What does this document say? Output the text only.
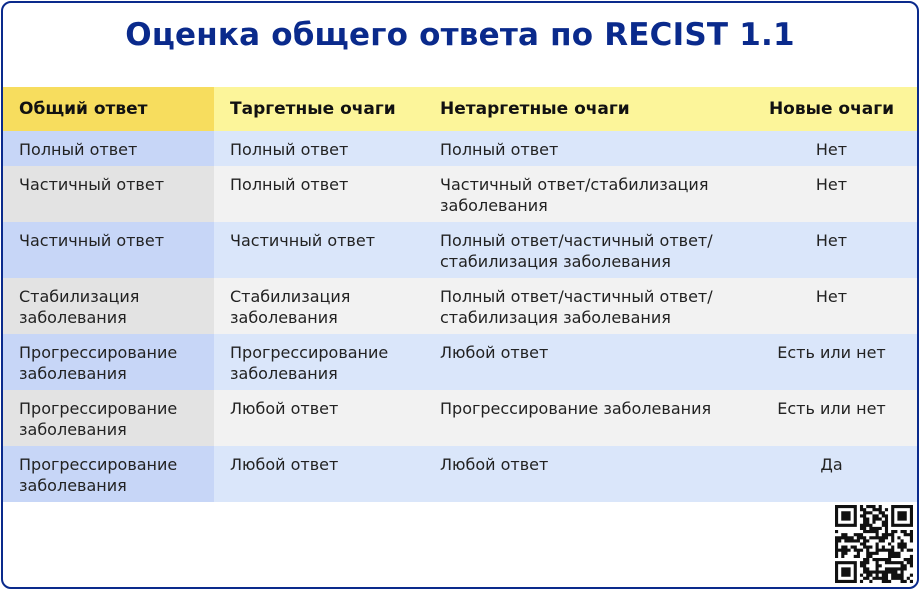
Оценка общего ответа по RECIST 1.1
Общий ответ	Таргетные очаги	Нетаргетные очаги	Новые очаги
Полный ответ	Полный ответ	Полный ответ	Нет
Частичный ответ	Полный ответ	Частичный ответ/стабилизация заболевания	Нет
Частичный ответ	Частичный ответ	Полный ответ/частичный ответ/ стабилизация заболевания	Нет
Стабилизация заболевания	Стабилизация заболевания	Полный ответ/частичный ответ/ стабилизация заболевания	Нет
Прогрессирование заболевания	Прогрессирование заболевания	Любой ответ	Есть или нет
Прогрессирование заболевания	Любой ответ	Прогрессирование заболевания	Есть или нет
Прогрессирование заболевания	Любой ответ	Любой ответ	Да
